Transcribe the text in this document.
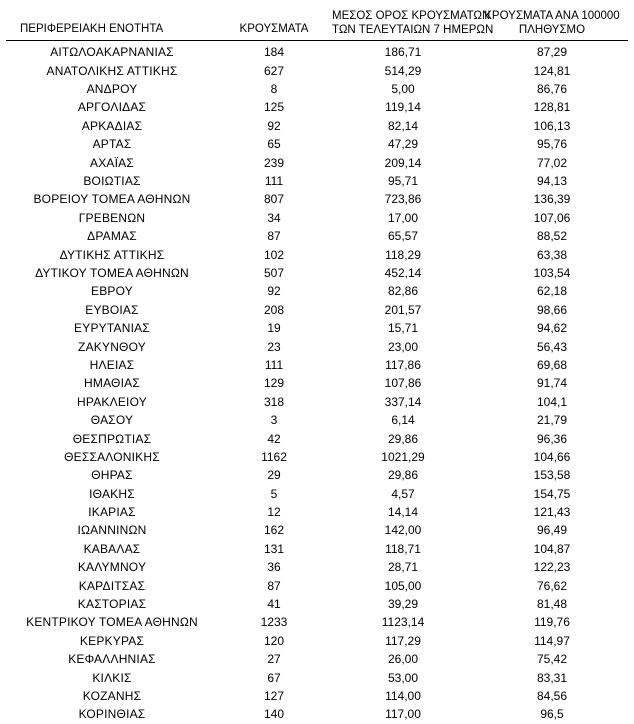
ΠΕΡΙΦΕΡΕΙΑΚΗ ΕΝΟΤΗΤΑ	ΚΡΟΥΣΜΑΤΑ	ΜΕΣΟΣ ΟΡΟΣ ΚΡΟΥΣΜΑΤΩΝ
ΤΩΝ ΤΕΛΕΥΤΑΙΩΝ 7 ΗΜΕΡΩΝ	ΚΡΟΥΣΜΑΤΑ ΑΝΑ 100000
ΠΛΗΘΥΣΜΟ

ΑΙΤΩΛΟΑΚΑΡΝΑΝΙΑΣ	184	186,71	87,29
ΑΝΑΤΟΛΙΚΗΣ ΑΤΤΙΚΗΣ	627	514,29	124,81
ΑΝΔΡΟΥ	8	5,00	86,76
ΑΡΓΟΛΙΔΑΣ	125	119,14	128,81
ΑΡΚΑΔΙΑΣ	92	82,14	106,13
ΑΡΤΑΣ	65	47,29	95,76
ΑΧΑΪΑΣ	239	209,14	77,02
ΒΟΙΩΤΙΑΣ	111	95,71	94,13
ΒΟΡΕΙΟΥ ΤΟΜΕΑ ΑΘΗΝΩΝ	807	723,86	136,39
ΓΡΕΒΕΝΩΝ	34	17,00	107,06
ΔΡΑΜΑΣ	87	65,57	88,52
ΔΥΤΙΚΗΣ ΑΤΤΙΚΗΣ	102	118,29	63,38
ΔΥΤΙΚΟΥ ΤΟΜΕΑ ΑΘΗΝΩΝ	507	452,14	103,54
ΕΒΡΟΥ	92	82,86	62,18
ΕΥΒΟΙΑΣ	208	201,57	98,66
ΕΥΡΥΤΑΝΙΑΣ	19	15,71	94,62
ΖΑΚΥΝΘΟΥ	23	23,00	56,43
ΗΛΕΙΑΣ	111	117,86	69,68
ΗΜΑΘΙΑΣ	129	107,86	91,74
ΗΡΑΚΛΕΙΟΥ	318	337,14	104,1
ΘΑΣΟΥ	3	6,14	21,79
ΘΕΣΠΡΩΤΙΑΣ	42	29,86	96,36
ΘΕΣΣΑΛΟΝΙΚΗΣ	1162	1021,29	104,66
ΘΗΡΑΣ	29	29,86	153,58
ΙΘΑΚΗΣ	5	4,57	154,75
ΙΚΑΡΙΑΣ	12	14,14	121,43
ΙΩΑΝΝΙΝΩΝ	162	142,00	96,49
ΚΑΒΑΛΑΣ	131	118,71	104,87
ΚΑΛΥΜΝΟΥ	36	28,71	122,23
ΚΑΡΔΙΤΣΑΣ	87	105,00	76,62
ΚΑΣΤΟΡΙΑΣ	41	39,29	81,48
ΚΕΝΤΡΙΚΟΥ ΤΟΜΕΑ ΑΘΗΝΩΝ	1233	1123,14	119,76
ΚΕΡΚΥΡΑΣ	120	117,29	114,97
ΚΕΦΑΛΛΗΝΙΑΣ	27	26,00	75,42
ΚΙΛΚΙΣ	67	53,00	83,31
ΚΟΖΑΝΗΣ	127	114,00	84,56
ΚΟΡΙΝΘΙΑΣ	140	117,00	96,5
